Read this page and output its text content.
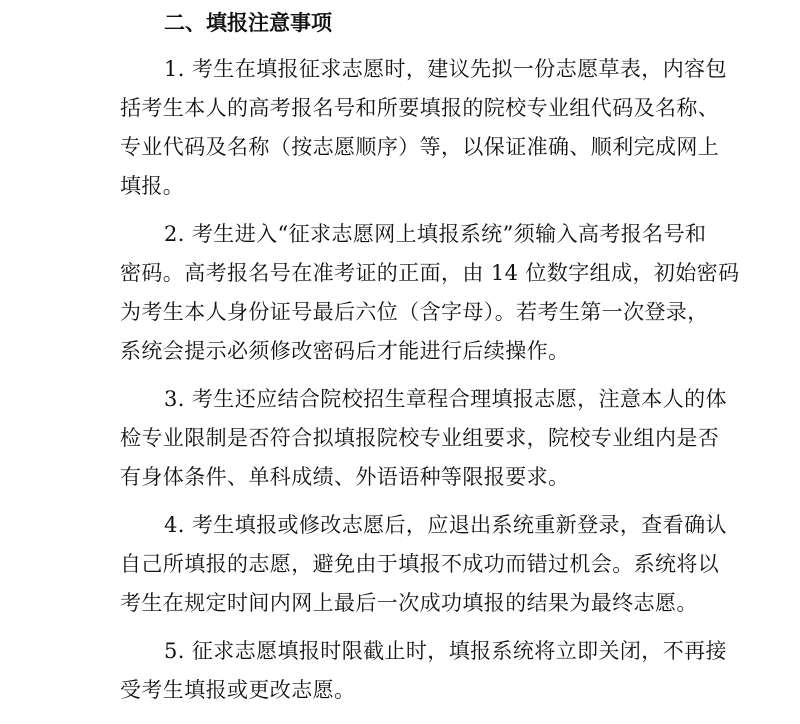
二、填报注意事项
1. 考生在填报征求志愿时，建议先拟一份志愿草表，内容包
括考生本人的高考报名号和所要填报的院校专业组代码及名称、
专业代码及名称（按志愿顺序）等，以保证准确、顺利完成网上
填报。
2. 考生进入“征求志愿网上填报系统”须输入高考报名号和
密码。高考报名号在准考证的正面，由 14 位数字组成，初始密码
为考生本人身份证号最后六位（含字母）。若考生第一次登录，
系统会提示必须修改密码后才能进行后续操作。
3. 考生还应结合院校招生章程合理填报志愿，注意本人的体
检专业限制是否符合拟填报院校专业组要求，院校专业组内是否
有身体条件、单科成绩、外语语种等限报要求。
4. 考生填报或修改志愿后，应退出系统重新登录，查看确认
自己所填报的志愿，避免由于填报不成功而错过机会。系统将以
考生在规定时间内网上最后一次成功填报的结果为最终志愿。
5. 征求志愿填报时限截止时，填报系统将立即关闭，不再接
受考生填报或更改志愿。
